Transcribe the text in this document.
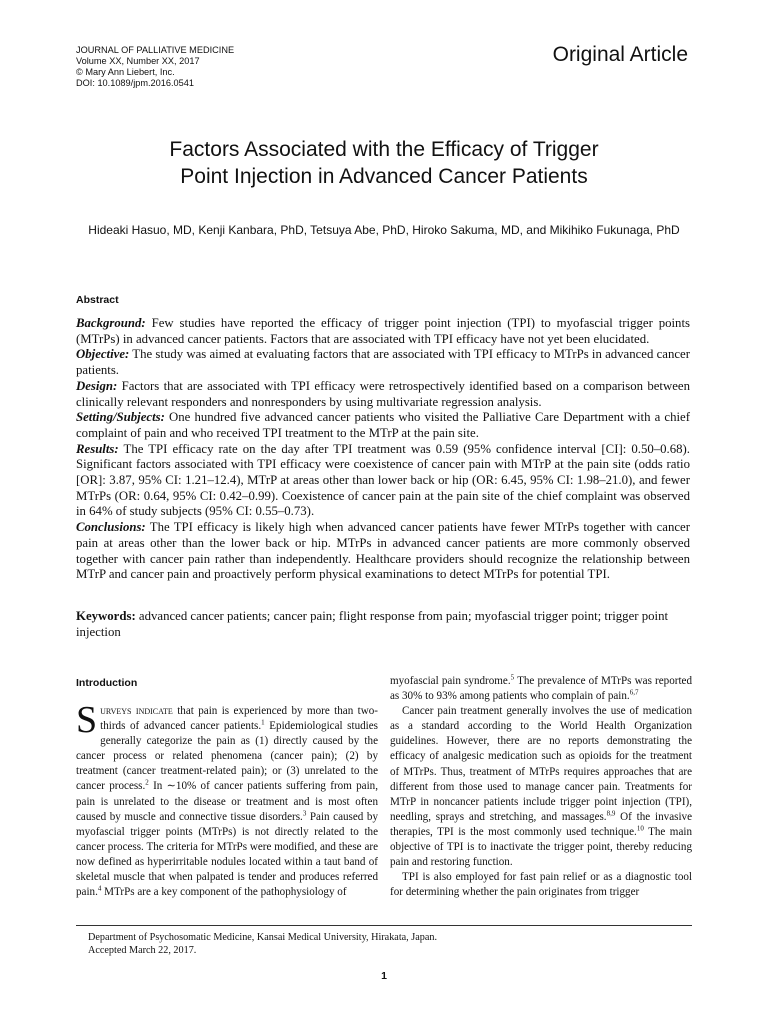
JOURNAL OF PALLIATIVE MEDICINE
Volume XX, Number XX, 2017
© Mary Ann Liebert, Inc.
DOI: 10.1089/jpm.2016.0541
Original Article
Factors Associated with the Efficacy of Trigger
Point Injection in Advanced Cancer Patients
Hideaki Hasuo, MD, Kenji Kanbara, PhD, Tetsuya Abe, PhD, Hiroko Sakuma, MD, and Mikihiko Fukunaga, PhD
Abstract

Background: Few studies have reported the efficacy of trigger point injection (TPI) to myofascial trigger points (MTrPs) in advanced cancer patients. Factors that are associated with TPI efficacy have not yet been elucidated.

Objective: The study was aimed at evaluating factors that are associated with TPI efficacy to MTrPs in advanced cancer patients.

Design: Factors that are associated with TPI efficacy were retrospectively identified based on a comparison between clinically relevant responders and nonresponders by using multivariate regression analysis.

Setting/Subjects: One hundred five advanced cancer patients who visited the Palliative Care Department with a chief complaint of pain and who received TPI treatment to the MTrP at the pain site.

Results: The TPI efficacy rate on the day after TPI treatment was 0.59 (95% confidence interval [CI]: 0.50–0.68). Significant factors associated with TPI efficacy were coexistence of cancer pain with MTrP at the pain site (odds ratio [OR]: 3.87, 95% CI: 1.21–12.4), MTrP at areas other than lower back or hip (OR: 6.45, 95% CI: 1.98–21.0), and fewer MTrPs (OR: 0.64, 95% CI: 0.42–0.99). Coexistence of cancer pain at the pain site of the chief complaint was observed in 64% of study subjects (95% CI: 0.55–0.73).

Conclusions: The TPI efficacy is likely high when advanced cancer patients have fewer MTrPs together with cancer pain at areas other than the lower back or hip. MTrPs in advanced cancer patients are more commonly observed together with cancer pain rather than independently. Healthcare providers should recognize the relationship between MTrP and cancer pain and proactively perform physical examinations to detect MTrPs for potential TPI.

Keywords: advanced cancer patients; cancer pain; flight response from pain; myofascial trigger point; trigger point injection
Introduction

Surveys indicate that pain is experienced by more than two-thirds of advanced cancer patients.$^1$ Epidemiological studies generally categorize the pain as (1) directly caused by the cancer process or related phenomena (cancer pain); (2) by treatment (cancer treatment-related pain); or (3) unrelated to the cancer process.$^2$ In ∼10% of cancer patients suffering from pain, pain is unrelated to the disease or treatment and is most often caused by muscle and connective tissue disorders.$^3$ Pain caused by myofascial trigger points (MTrPs) is not directly related to the cancer process. The criteria for MTrPs were modified, and these are now defined as hyperirritable nodules located within a taut band of skeletal muscle that when palpated is tender and produces referred pain.$^4$ MTrPs are a key component of the pathophysiology of

myofascial pain syndrome.$^5$ The prevalence of MTrPs was reported as 30% to 93% among patients who complain of pain.$^{6,7}$

Cancer pain treatment generally involves the use of medication as a standard according to the World Health Organization guidelines. However, there are no reports demonstrating the efficacy of analgesic medication such as opioids for the treatment of MTrPs. Thus, treatment of MTrPs requires approaches that are different from those used to manage cancer pain. Treatments for MTrP in noncancer patients include trigger point injection (TPI), needling, sprays and stretching, and massages.$^{8,9}$ Of the invasive therapies, TPI is the most commonly used technique.$^{10}$ The main objective of TPI is to inactivate the trigger point, thereby reducing pain and restoring function.

TPI is also employed for fast pain relief or as a diagnostic tool for determining whether the pain originates from trigger

Department of Psychosomatic Medicine, Kansai Medical University, Hirakata, Japan.
Accepted March 22, 2017.
1
